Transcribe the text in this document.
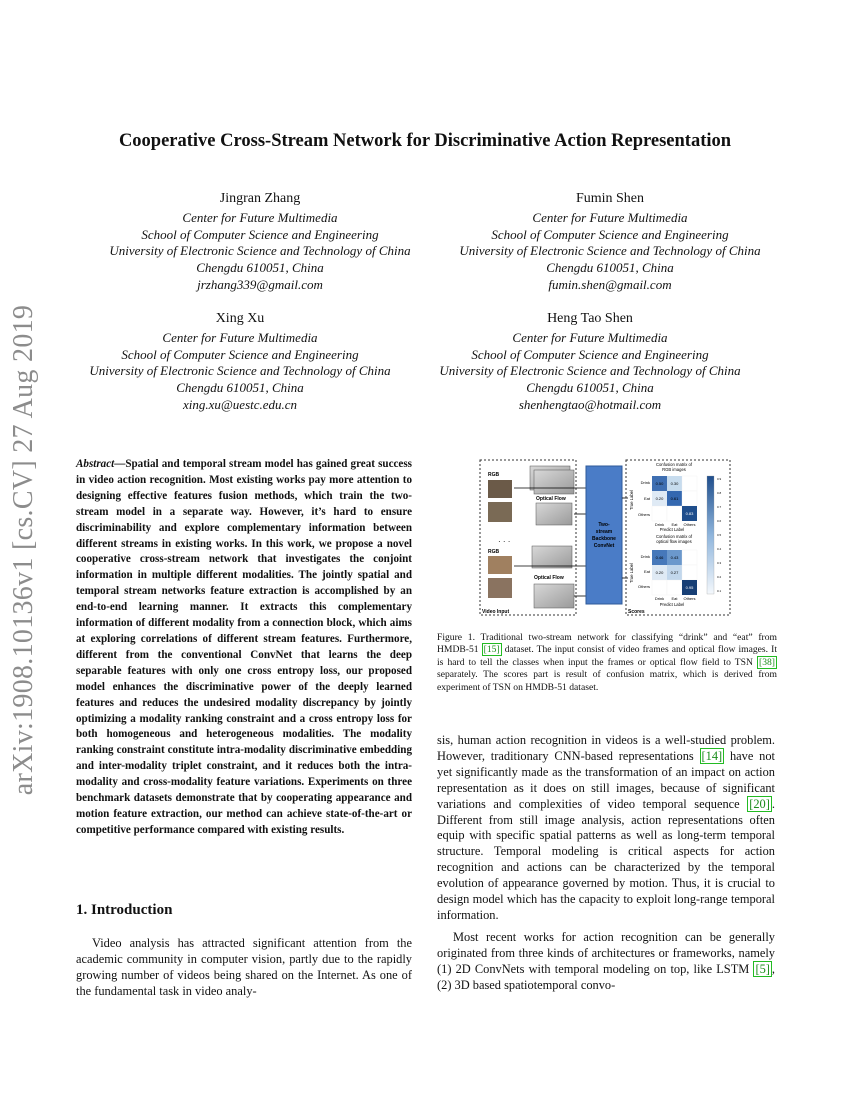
arXiv:1908.10136v1 [cs.CV] 27 Aug 2019
Cooperative Cross-Stream Network for Discriminative Action Representation
Jingran Zhang
Center for Future Multimedia
School of Computer Science and Engineering
University of Electronic Science and Technology of China
Chengdu 610051, China
jrzhang339@gmail.com
Fumin Shen
Center for Future Multimedia
School of Computer Science and Engineering
University of Electronic Science and Technology of China
Chengdu 610051, China
fumin.shen@gmail.com
Xing Xu
Center for Future Multimedia
School of Computer Science and Engineering
University of Electronic Science and Technology of China
Chengdu 610051, China
xing.xu@uestc.edu.cn
Heng Tao Shen
Center for Future Multimedia
School of Computer Science and Engineering
University of Electronic Science and Technology of China
Chengdu 610051, China
shenhengtao@hotmail.com
Abstract—Spatial and temporal stream model has gained great success in video action recognition. Most existing works pay more attention to designing effective features fusion methods, which train the two-stream model in a separate way. However, it’s hard to ensure discriminability and explore complementary information between different streams in existing works. In this work, we propose a novel cooperative cross-stream network that investigates the conjoint information in multiple different modalities. The jointly spatial and temporal stream networks feature extraction is accomplished by an end-to-end learning manner. It extracts this complementary information of different modality from a connection block, which aims at exploring correlations of different stream features. Furthermore, different from the conventional ConvNet that learns the deep separable features with only one cross entropy loss, our proposed model enhances the discriminative power of the deeply learned features and reduces the undesired modality discrepancy by jointly optimizing a modality ranking constraint and a cross entropy loss for both homogeneous and heterogeneous modalities. The modality ranking constraint constitute intra-modality discriminative embedding and inter-modality triplet constraint, and it reduces both the intra-modality and cross-modality feature variations. Experiments on three benchmark datasets demonstrate that by cooperating appearance and motion feature extraction, our method can achieve state-of-the-art or competitive performance compared with existing results.
1. Introduction

Video analysis has attracted significant attention from the academic community in computer vision, partly due to the rapidly growing number of videos being shared on the Internet. As one of the fundamental task in video analy-

sis, human action recognition in videos is a well-studied problem. However, traditionary CNN-based representations [14] have not yet significantly made as the transformation of an impact on action representation as it does on still images, because of significant variations and complexities of video temporal sequence [20] . Different from still image analysis, action representations often equip with specific spatial patterns as well as long-term temporal structure. Temporal modeling is critical aspects for action recognition and actions can be characterized by the temporal evolution of appearance governed by motion. Thus, it is crucial to design model which has the capacity to exploit long-range temporal information.

Most recent works for action recognition can be generally originated from three kinds of architectures or frameworks, namely (1) 2D ConvNets with temporal modeling on top, like LSTM [5] , (2) 3D based spatiotemporal convo-

RGB
Optical Flow
· · ·
RGB
Optical Flow
Video Input
Two-
stream
Backbone
ConvNet
Scores
Confusion matrix of
RGB images
True Label
Drink
Eat
Others
0.50 0.30
0.20 0.61
0.83
Drink Eat Others
Predict Label
Confusion matrix of
optical flow images
True Label
Drink
Eat
Others
0.46 0.43
0.20 0.27
0.95
Drink Eat Others
Predict Label
0.9
0.8
0.7
0.6
0.5
0.4
0.3
0.2
0.1
Figure 1. Traditional two-stream network for classifying “drink” and “eat” from HMDB-51 [15] dataset. The input consist of video frames and optical flow images. It is hard to tell the classes when input the frames or optical flow field to TSN [38] separately. The scores part is result of confusion matrix, which is derived from experiment of TSN on HMDB-51 dataset.
